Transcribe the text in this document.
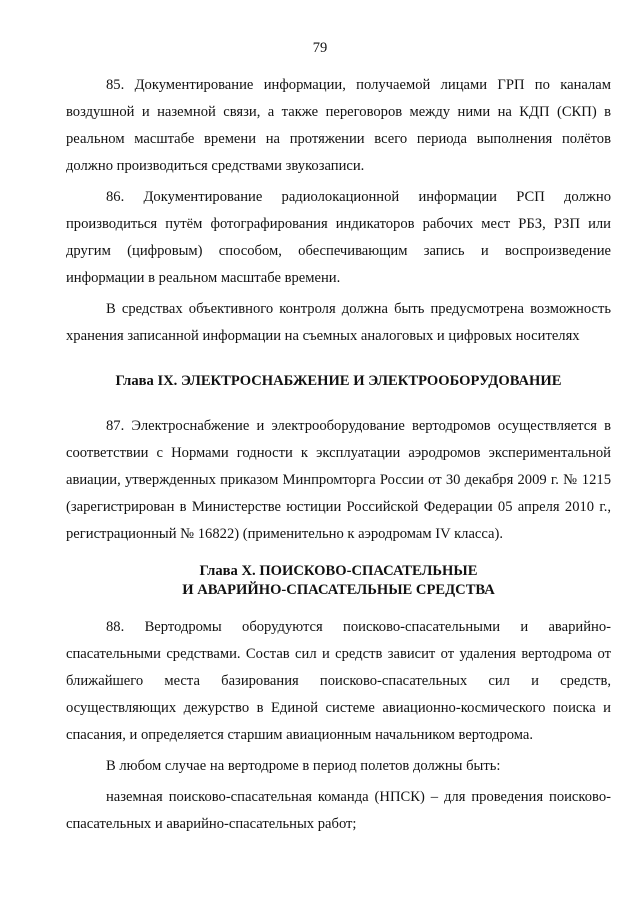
79

85. Документирование информации, получаемой лицами ГРП по каналам воздушной и наземной связи, а также переговоров между ними на КДП (СКП) в реальном масштабе времени на протяжении всего периода выполнения полётов должно производиться средствами звукозаписи.

86. Документирование радиолокационной информации РСП должно производиться путём фотографирования индикаторов рабочих мест РБЗ, РЗП или другим (цифровым) способом, обеспечивающим запись и воспроизведение информации в реальном масштабе времени.

В средствах объективного контроля должна быть предусмотрена возможность хранения записанной информации на съемных аналоговых и цифровых носителях

Глава IX. ЭЛЕКТРОСНАБЖЕНИЕ И ЭЛЕКТРООБОРУДОВАНИЕ

87. Электроснабжение и электрооборудование вертодромов осуществляется в соответствии с Нормами годности к эксплуатации аэродромов экспериментальной авиации, утвержденных приказом Минпромторга России от 30 декабря 2009 г. № 1215 (зарегистрирован в Министерстве юстиции Российской Федерации 05 апреля 2010 г., регистрационный № 16822) (применительно к аэродромам IV класса).

Глава X. ПОИСКОВО-СПАСАТЕЛЬНЫЕ
И АВАРИЙНО-СПАСАТЕЛЬНЫЕ СРЕДСТВА

88. Вертодромы оборудуются поисково-спасательными и аварийно-спасательными средствами. Состав сил и средств зависит от удаления вертодрома от ближайшего места базирования поисково-спасательных сил и средств, осуществляющих дежурство в Единой системе авиационно-космического поиска и спасания, и определяется старшим авиационным начальником вертодрома.

В любом случае на вертодроме в период полетов должны быть:

наземная поисково-спасательная команда (НПСК) – для проведения поисково-спасательных и аварийно-спасательных работ;
